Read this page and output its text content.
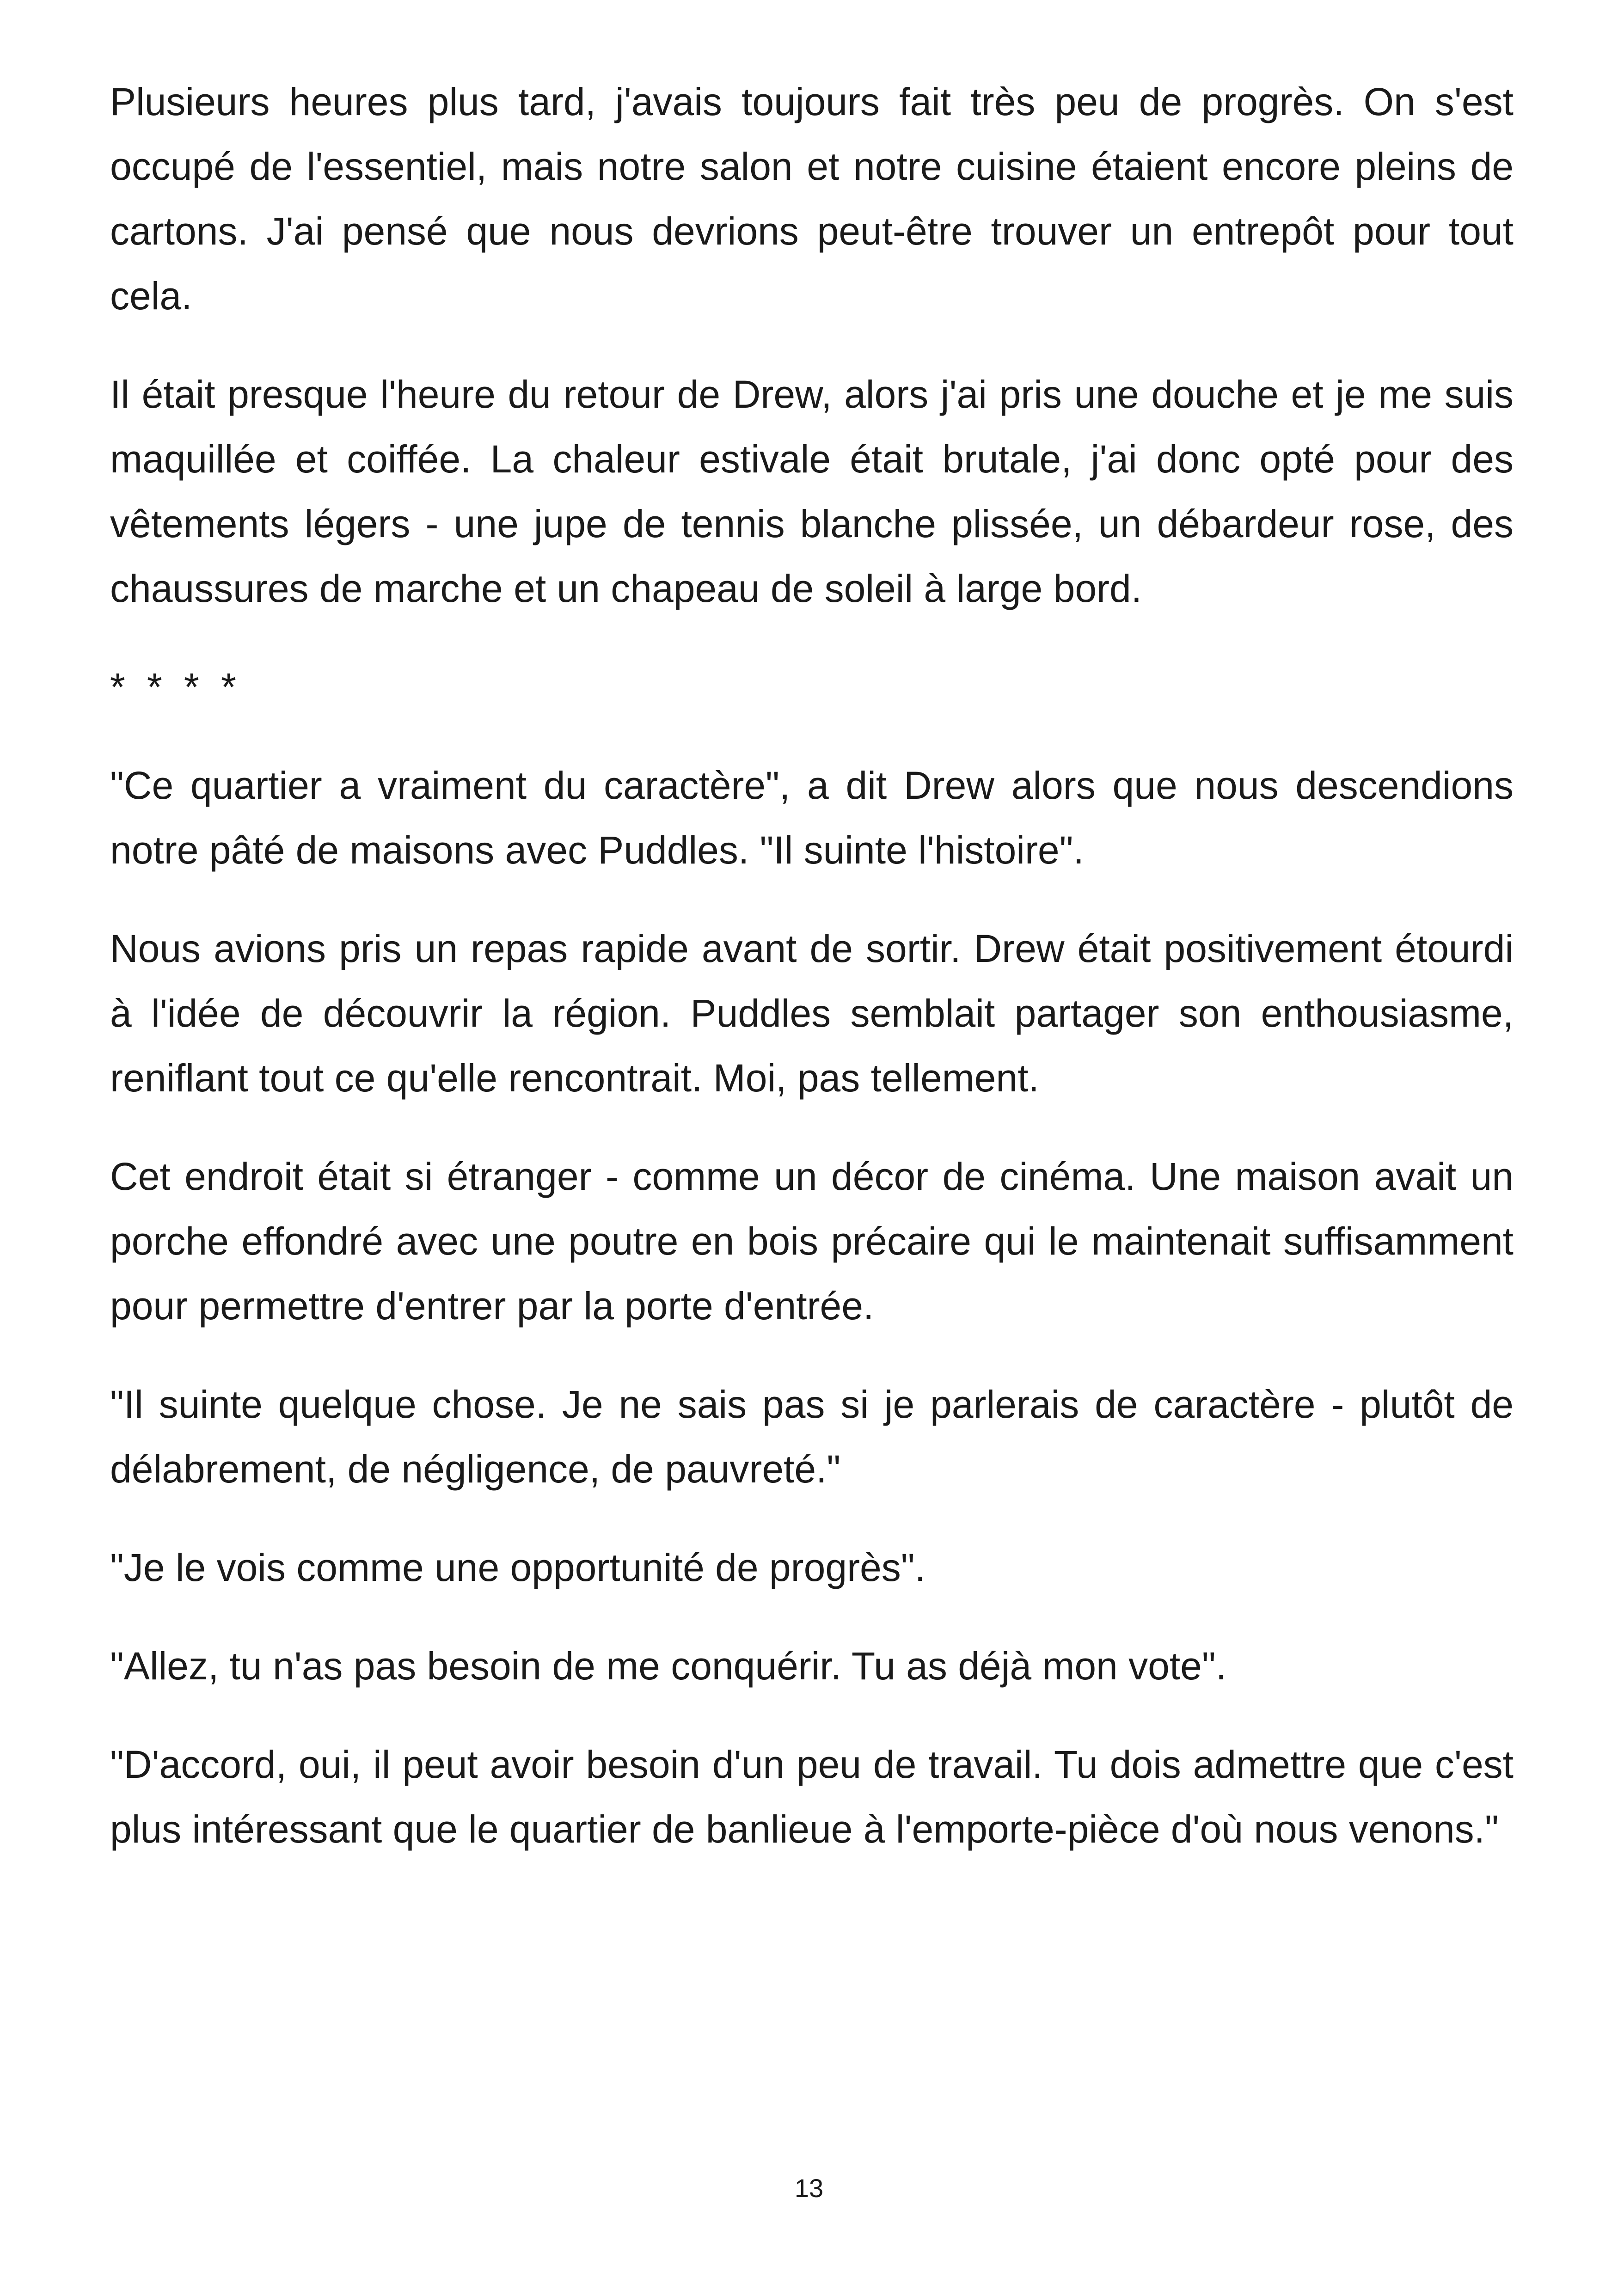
Plusieurs heures plus tard, j'avais toujours fait très peu de progrès. On s'est occupé de l'essentiel, mais notre salon et notre cuisine étaient encore pleins de cartons. J'ai pensé que nous devrions peut-être trouver un entrepôt pour tout cela.

Il était presque l'heure du retour de Drew, alors j'ai pris une douche et je me suis maquillée et coiffée. La chaleur estivale était brutale, j'ai donc opté pour des vêtements légers - une jupe de tennis blanche plissée, un débardeur rose, des chaussures de marche et un chapeau de soleil à large bord.

* * * *

"Ce quartier a vraiment du caractère", a dit Drew alors que nous descendions notre pâté de maisons avec Puddles. "Il suinte l'histoire".

Nous avions pris un repas rapide avant de sortir. Drew était positivement étourdi à l'idée de découvrir la région. Puddles semblait partager son enthousiasme, reniflant tout ce qu'elle rencontrait. Moi, pas tellement.

Cet endroit était si étranger - comme un décor de cinéma. Une maison avait un porche effondré avec une poutre en bois précaire qui le maintenait suffisamment pour permettre d'entrer par la porte d'entrée.

"Il suinte quelque chose. Je ne sais pas si je parlerais de caractère - plutôt de délabrement, de négligence, de pauvreté."

"Je le vois comme une opportunité de progrès".

"Allez, tu n'as pas besoin de me conquérir. Tu as déjà mon vote".

"D'accord, oui, il peut avoir besoin d'un peu de travail. Tu dois admettre que c'est plus intéressant que le quartier de banlieue à l'emporte-pièce d'où nous venons."

13
